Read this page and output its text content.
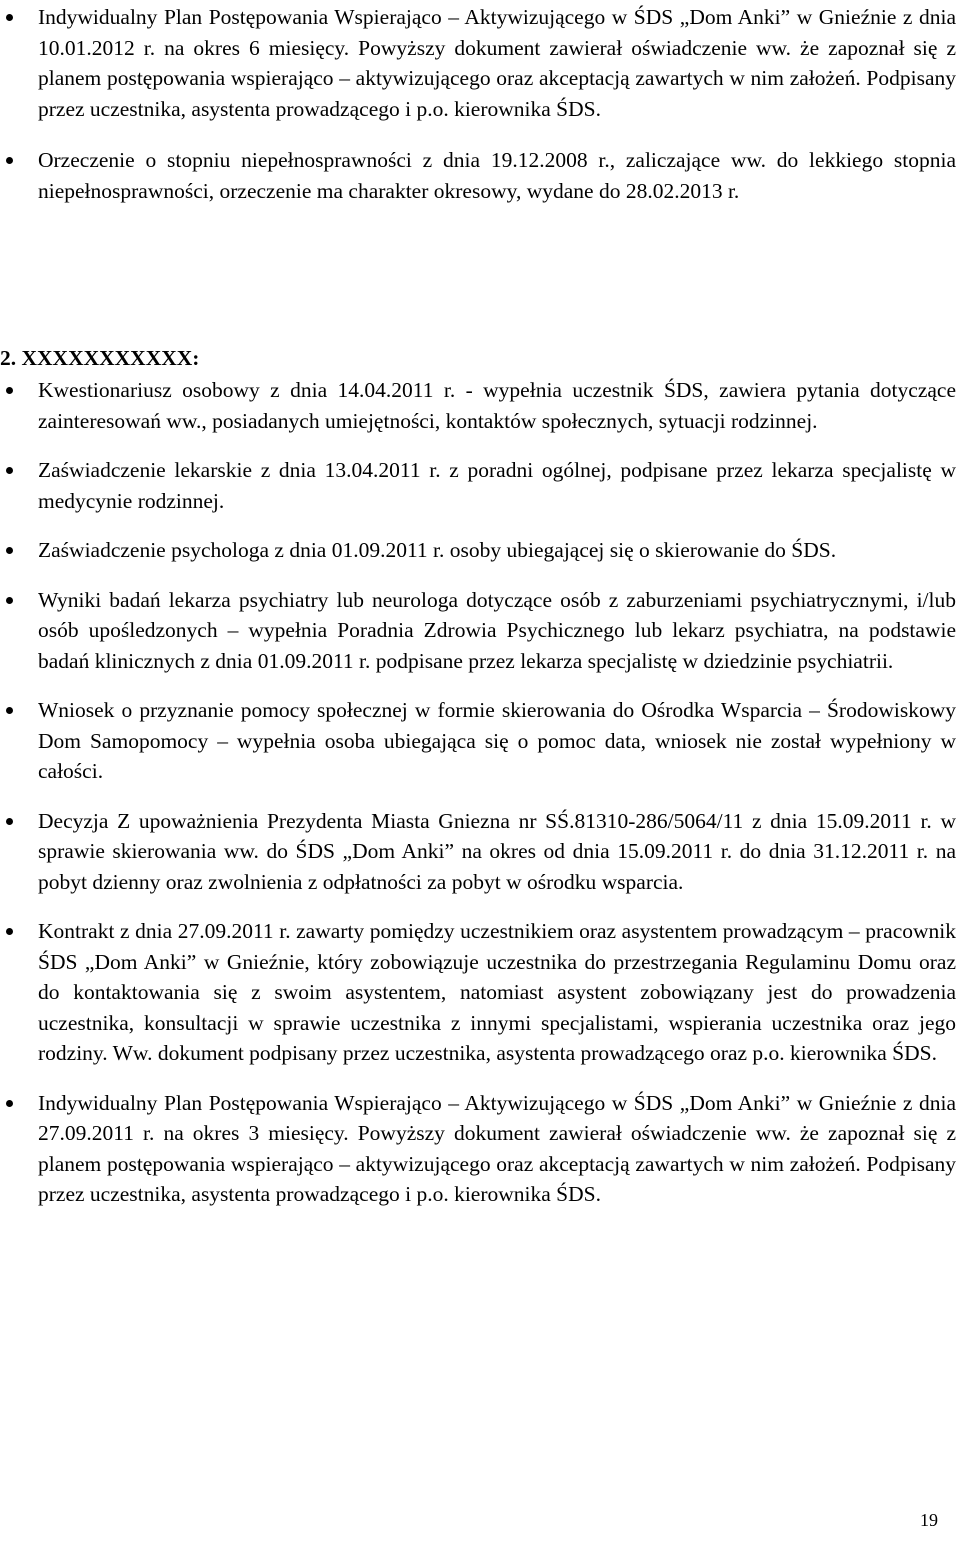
Indywidualny Plan Postępowania Wspierająco – Aktywizującego w ŚDS „Dom Anki” w Gnieźnie z dnia 10.01.2012 r. na okres 6 miesięcy. Powyższy dokument zawierał oświadczenie ww. że zapoznał się z planem postępowania wspierająco – aktywizującego oraz akceptacją zawartych w nim założeń. Podpisany przez uczestnika, asystenta prowadzącego i p.o. kierownika ŚDS.

Orzeczenie o stopniu niepełnosprawności z dnia 19.12.2008 r., zaliczające ww. do lekkiego stopnia niepełnosprawności, orzeczenie ma charakter okresowy, wydane do 28.02.2013 r.

2. XXXXXXXXXXX:

Kwestionariusz osobowy z dnia 14.04.2011 r. - wypełnia uczestnik ŚDS, zawiera pytania dotyczące zainteresowań ww., posiadanych umiejętności, kontaktów społecznych, sytuacji rodzinnej.

Zaświadczenie lekarskie z dnia 13.04.2011 r. z poradni ogólnej, podpisane przez lekarza specjalistę w medycynie rodzinnej.

Zaświadczenie psychologa z dnia 01.09.2011 r. osoby ubiegającej się o skierowanie do ŚDS.

Wyniki badań lekarza psychiatry lub neurologa dotyczące osób z zaburzeniami psychiatrycznymi, i/lub osób upośledzonych – wypełnia Poradnia Zdrowia Psychicznego lub lekarz psychiatra, na podstawie badań klinicznych z dnia 01.09.2011 r. podpisane przez lekarza specjalistę w dziedzinie psychiatrii.

Wniosek o przyznanie pomocy społecznej w formie skierowania do Ośrodka Wsparcia – Środowiskowy Dom Samopomocy – wypełnia osoba ubiegająca się o pomoc data, wniosek nie został wypełniony w całości.

Decyzja Z upoważnienia Prezydenta Miasta Gniezna nr SŚ.81310-286/5064/11 z dnia 15.09.2011 r. w sprawie skierowania ww. do ŚDS „Dom Anki” na okres od dnia 15.09.2011 r. do dnia 31.12.2011 r. na pobyt dzienny oraz zwolnienia z odpłatności za pobyt w ośrodku wsparcia.

Kontrakt z dnia 27.09.2011 r. zawarty pomiędzy uczestnikiem oraz asystentem prowadzącym – pracownik ŚDS „Dom Anki” w Gnieźnie, który zobowiązuje uczestnika do przestrzegania Regulaminu Domu oraz do kontaktowania się z swoim asystentem, natomiast asystent zobowiązany jest do prowadzenia uczestnika, konsultacji w sprawie uczestnika z innymi specjalistami, wspierania uczestnika oraz jego rodziny. Ww. dokument podpisany przez uczestnika, asystenta prowadzącego oraz p.o. kierownika ŚDS.

Indywidualny Plan Postępowania Wspierająco – Aktywizującego w ŚDS „Dom Anki” w Gnieźnie z dnia 27.09.2011 r. na okres 3 miesięcy. Powyższy dokument zawierał oświadczenie ww. że zapoznał się z planem postępowania wspierająco – aktywizującego oraz akceptacją zawartych w nim założeń. Podpisany przez uczestnika, asystenta prowadzącego i p.o. kierownika ŚDS.

19
